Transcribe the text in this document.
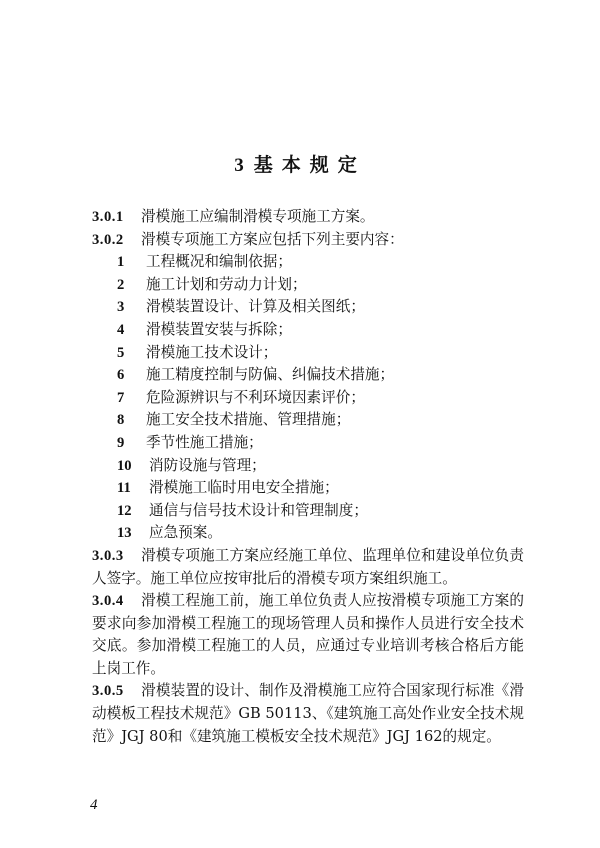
3 基本规定
3.0.1 滑模施工应编制滑模专项施工方案。
3.0.2 滑模专项施工方案应包括下列主要内容：
1 工程概况和编制依据；
2 施工计划和劳动力计划；
3 滑模装置设计、计算及相关图纸；
4 滑模装置安装与拆除；
5 滑模施工技术设计；
6 施工精度控制与防偏、纠偏技术措施；
7 危险源辨识与不利环境因素评价；
8 施工安全技术措施、管理措施；
9 季节性施工措施；
10 消防设施与管理；
11 滑模施工临时用电安全措施；
12 通信与信号技术设计和管理制度；
13 应急预案。
3.0.3 滑模专项施工方案应经施工单位、监理单位和建设单位负责人签字。施工单位应按审批后的滑模专项方案组织施工。
3.0.4 滑模工程施工前，施工单位负责人应按滑模专项施工方案的要求向参加滑模工程施工的现场管理人员和操作人员进行安全技术交底。参加滑模工程施工的人员，应通过专业培训考核合格后方能上岗工作。
3.0.5 滑模装置的设计、制作及滑模施工应符合国家现行标准《滑动模板工程技术规范》GB 50113、《建筑施工高处作业安全技术规范》JGJ 80和《建筑施工模板安全技术规范》JGJ 162的规定。
4
